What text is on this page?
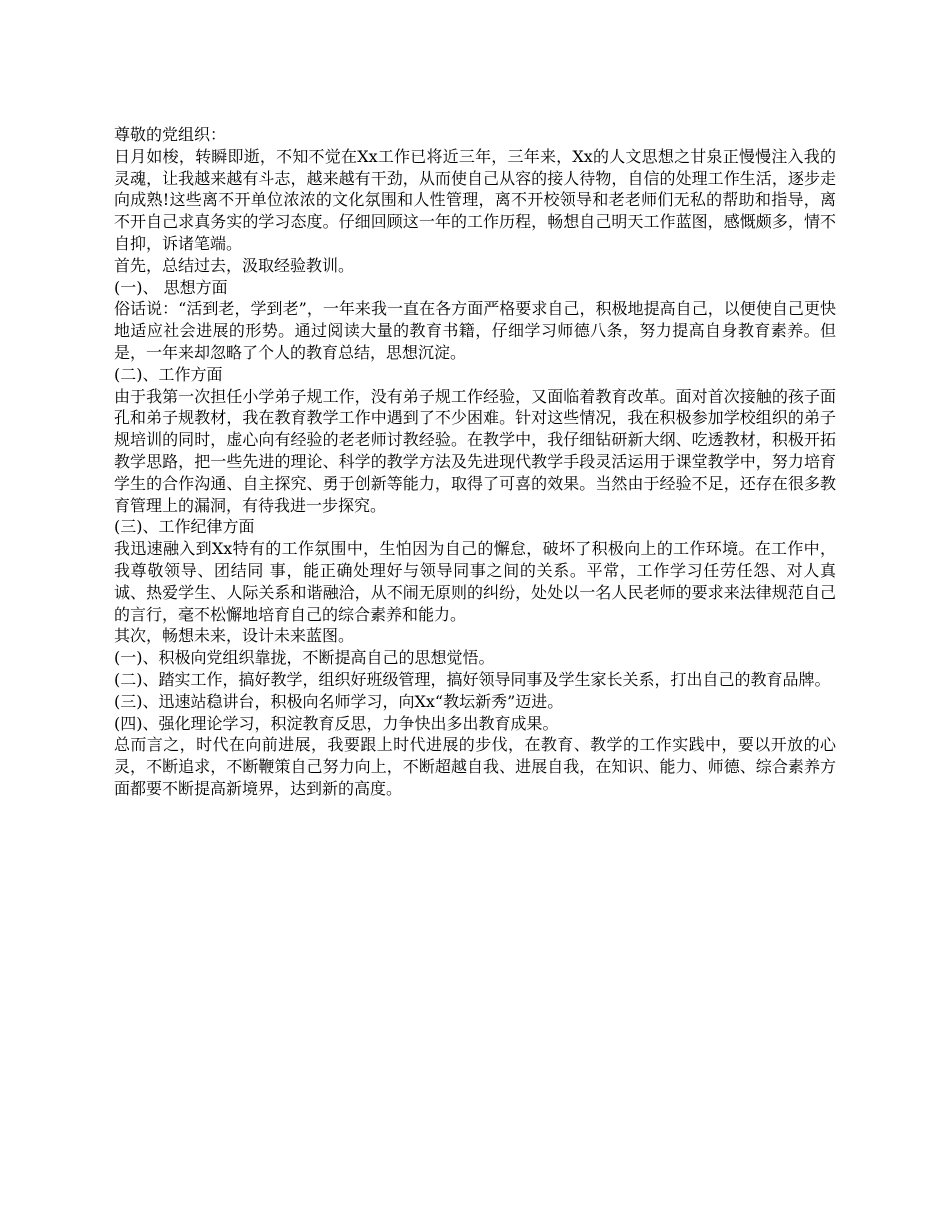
尊敬的党组织：

日月如梭，转瞬即逝，不知不觉在Xx工作已将近三年，三年来，Xx的人文思想之甘泉正慢慢注入我的灵魂，让我越来越有斗志，越来越有干劲，从而使自己从容的接人待物，自信的处理工作生活，逐步走向成熟!这些离不开单位浓浓的文化氛围和人性管理，离不开校领导和老老师们无私的帮助和指导，离不开自己求真务实的学习态度。仔细回顾这一年的工作历程，畅想自己明天工作蓝图，感慨颇多，情不自抑，诉诸笔端。

首先，总结过去，汲取经验教训。

(一)、 思想方面

俗话说：“活到老，学到老”，一年来我一直在各方面严格要求自己，积极地提高自己，以便使自己更快地适应社会进展的形势。通过阅读大量的教育书籍，仔细学习师德八条，努力提高自身教育素养。但是，一年来却忽略了个人的教育总结，思想沉淀。

(二)、工作方面

由于我第一次担任小学弟子规工作，没有弟子规工作经验，又面临着教育改革。面对首次接触的孩子面孔和弟子规教材，我在教育教学工作中遇到了不少困难。针对这些情况，我在积极参加学校组织的弟子规培训的同时，虚心向有经验的老老师讨教经验。在教学中，我仔细钻研新大纲、吃透教材，积极开拓教学思路，把一些先进的理论、科学的教学方法及先进现代教学手段灵活运用于课堂教学中，努力培育学生的合作沟通、自主探究、勇于创新等能力，取得了可喜的效果。当然由于经验不足，还存在很多教育管理上的漏洞，有待我进一步探究。

(三)、工作纪律方面

我迅速融入到Xx特有的工作氛围中，生怕因为自己的懈怠，破坏了积极向上的工作环境。在工作中，我尊敬领导、团结同 事，能正确处理好与领导同事之间的关系。平常，工作学习任劳任怨、对人真诚、热爱学生、人际关系和谐融洽，从不闹无原则的纠纷，处处以一名人民老师的要求来法律规范自己的言行，毫不松懈地培育自己的综合素养和能力。

其次，畅想未来，设计未来蓝图。

(一)、积极向党组织靠拢，不断提高自己的思想觉悟。

(二)、踏实工作，搞好教学，组织好班级管理，搞好领导同事及学生家长关系，打出自己的教育品牌。

(三)、迅速站稳讲台，积极向名师学习，向Xx“教坛新秀”迈进。

(四)、强化理论学习，积淀教育反思，力争快出多出教育成果。

总而言之，时代在向前进展，我要跟上时代进展的步伐，在教育、教学的工作实践中，要以开放的心灵，不断追求，不断鞭策自己努力向上，不断超越自我、进展自我，在知识、能力、师德、综合素养方面都要不断提高新境界，达到新的高度。
